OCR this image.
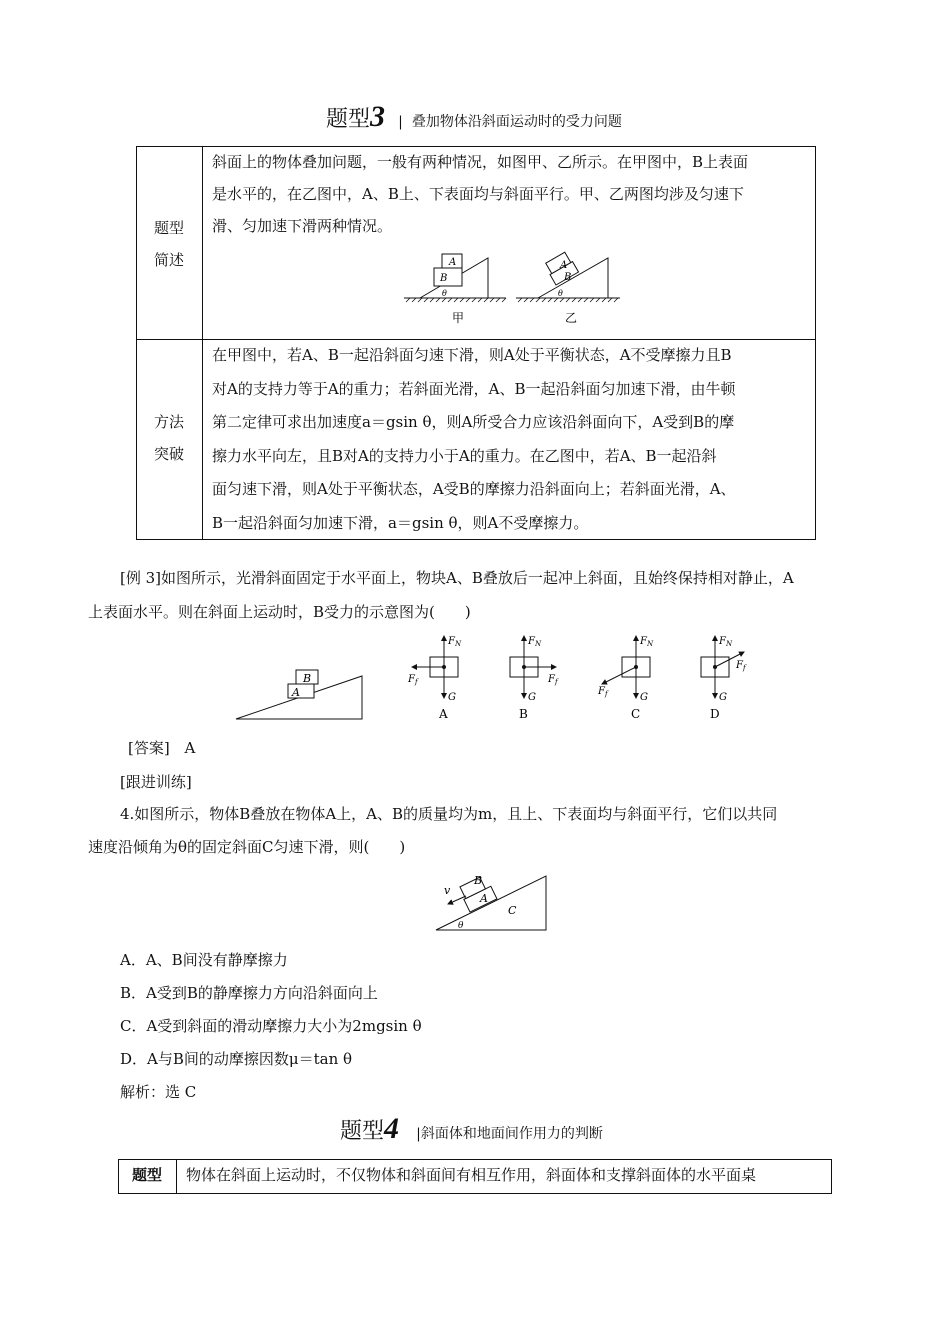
题型3 | 叠加物体沿斜面运动时的受力问题
题型
简述
斜面上的物体叠加问题，一般有两种情况，如图甲、乙所示。在甲图中，B上表面
是水平的，在乙图中，A、B上、下表面均与斜面平行。甲、乙两图均涉及匀速下
滑、匀加速下滑两种情况。
A
B
θ
甲
A
B
θ
乙
方法
突破
在甲图中，若A、B一起沿斜面匀速下滑，则A处于平衡状态，A不受摩擦力且B
对A的支持力等于A的重力；若斜面光滑，A、B一起沿斜面匀加速下滑，由牛顿
第二定律可求出加速度a＝gsin θ，则A所受合力应该沿斜面向下，A受到B的摩
擦力水平向左，且B对A的支持力小于A的重力。在乙图中，若A、B一起沿斜
面匀速下滑，则A处于平衡状态，A受B的摩擦力沿斜面向上；若斜面光滑，A、
B一起沿斜面匀加速下滑，a＝gsin θ，则A不受摩擦力。
[例 3]如图所示，光滑斜面固定于水平面上，物块A、B叠放后一起冲上斜面，且始终保持相对静止，A
上表面水平。则在斜面上运动时，B受力的示意图为(　　)
A
B
$F_N$
$F_f$
G
A
$F_N$
$F_f$
G
B
$F_N$
$F_f$	G
C
$F_N$
$F_f$
G
D
[答案] A
[跟进训练]
4.如图所示，物体B叠放在物体A上，A、B的质量均为m，且上、下表面均与斜面平行，它们以共同
速度沿倾角为θ的固定斜面C匀速下滑，则(　　)
v
B
A
C
θ
A．A、B间没有静摩擦力
B．A受到B的静摩擦力方向沿斜面向上
C．A受到斜面的滑动摩擦力大小为2mgsin θ
D．A与B间的动摩擦因数μ＝tan θ
解析：选 C
题型4 |斜面体和地面间作用力的判断
题型	物体在斜面上运动时，不仅物体和斜面间有相互作用，斜面体和支撑斜面体的水平面桌
